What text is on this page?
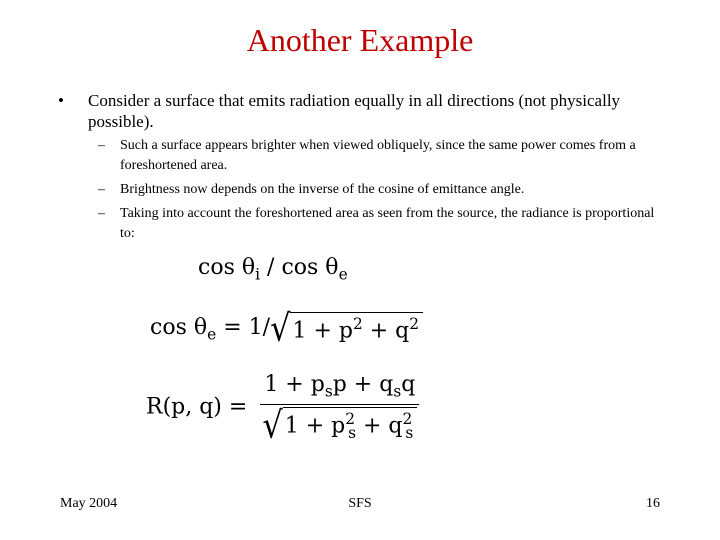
Another Example
•	Consider a surface that emits radiation equally in all directions (not physically possible).
– Such a surface appears brighter when viewed obliquely, since the same power comes from a foreshortened area.
– Brightness now depends on the inverse of the cosine of emittance angle.
– Taking into account the foreshortened area as seen from the source, the radiance is proportional to:
$\cos \theta_i$ / $\cos \theta_e$
$\cos \theta_e = 1/√1 + p^2 + q^2$
R(p, $q) = \frac{1 + p_sp + q_sq}{√1 + p^2_s + q^2_s}$
May 2004	SFS	16
